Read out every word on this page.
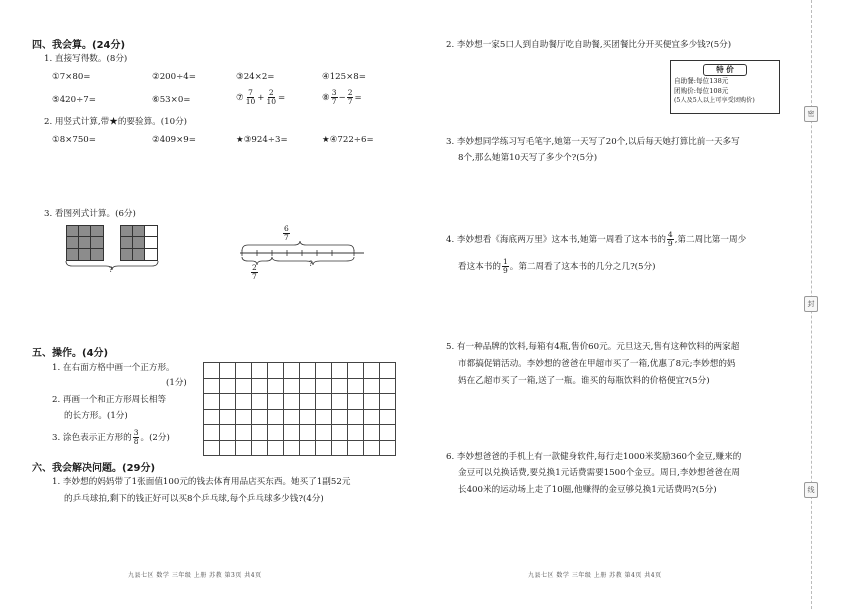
四、我会算。(24分)
1. 直接写得数。(8分)
①7×80=	②200÷4=	③24×2=	④125×8=
⑤420÷7=	⑥53×0=	⑦ $\frac{7}{10} + \frac{2}{10}$ =	⑧ $\frac{3}{7} - \frac{2}{7}$ =
2. 用竖式计算,带★的要验算。(10分)
①8×750=	②409×9=	★③924÷3=	★④722÷6=
3. 看图列式计算。(6分)
?
$\frac{6}{7}$
$\frac{2}{7}$	?
五、操作。(4分)
1. 在右面方格中画一个正方形。
(1分)
2. 再画一个和正方形周长相等
的长方形。(1分)
3. 涂色表示正方形的 $\frac{3}{8}$ 。(2分)
六、我会解决问题。(29分)
1. 李妙想的妈妈带了1张面值100元的钱去体育用品店买东西。她买了1副52元
的乒乓球拍,剩下的钱正好可以买8个乒乓球,每个乒乓球多少钱?(4分)
九县七区 数学 三年级 上册 苏教 第3页 共4页
2. 李妙想一家5口人到自助餐厅吃自助餐,买团餐比分开买便宜多少钱?(5分)
特 价
自助餐:每位138元
团购价:每位108元
(5人及5人以上可享受团购价)
3. 李妙想同学练习写毛笔字,她第一天写了20个,以后每天她打算比前一天多写
8个,那么她第10天写了多少个?(5分)
4. 李妙想看《海底两万里》这本书,她第一周看了这本书的 $\frac{4}{9}$ ,第二周比第一周少
看这本书的 $\frac{1}{9}$ 。第二周看了这本书的几分之几?(5分)
5. 有一种品牌的饮料,每箱有4瓶,售价60元。元旦这天,售有这种饮料的两家超
市都搞促销活动。李妙想的爸爸在甲超市买了一箱,优惠了8元;李妙想的妈
妈在乙超市买了一箱,送了一瓶。谁买的每瓶饮料的价格便宜?(5分)
6. 李妙想爸爸的手机上有一款健身软件,每行走1000米奖励360个金豆,赚来的
金豆可以兑换话费,要兑换1元话费需要1500个金豆。周日,李妙想爸爸在周
长400米的运动场上走了10圈,他赚得的金豆够兑换1元话费吗?(5分)
九县七区 数学 三年级 上册 苏教 第4页 共4页
密
封
线
